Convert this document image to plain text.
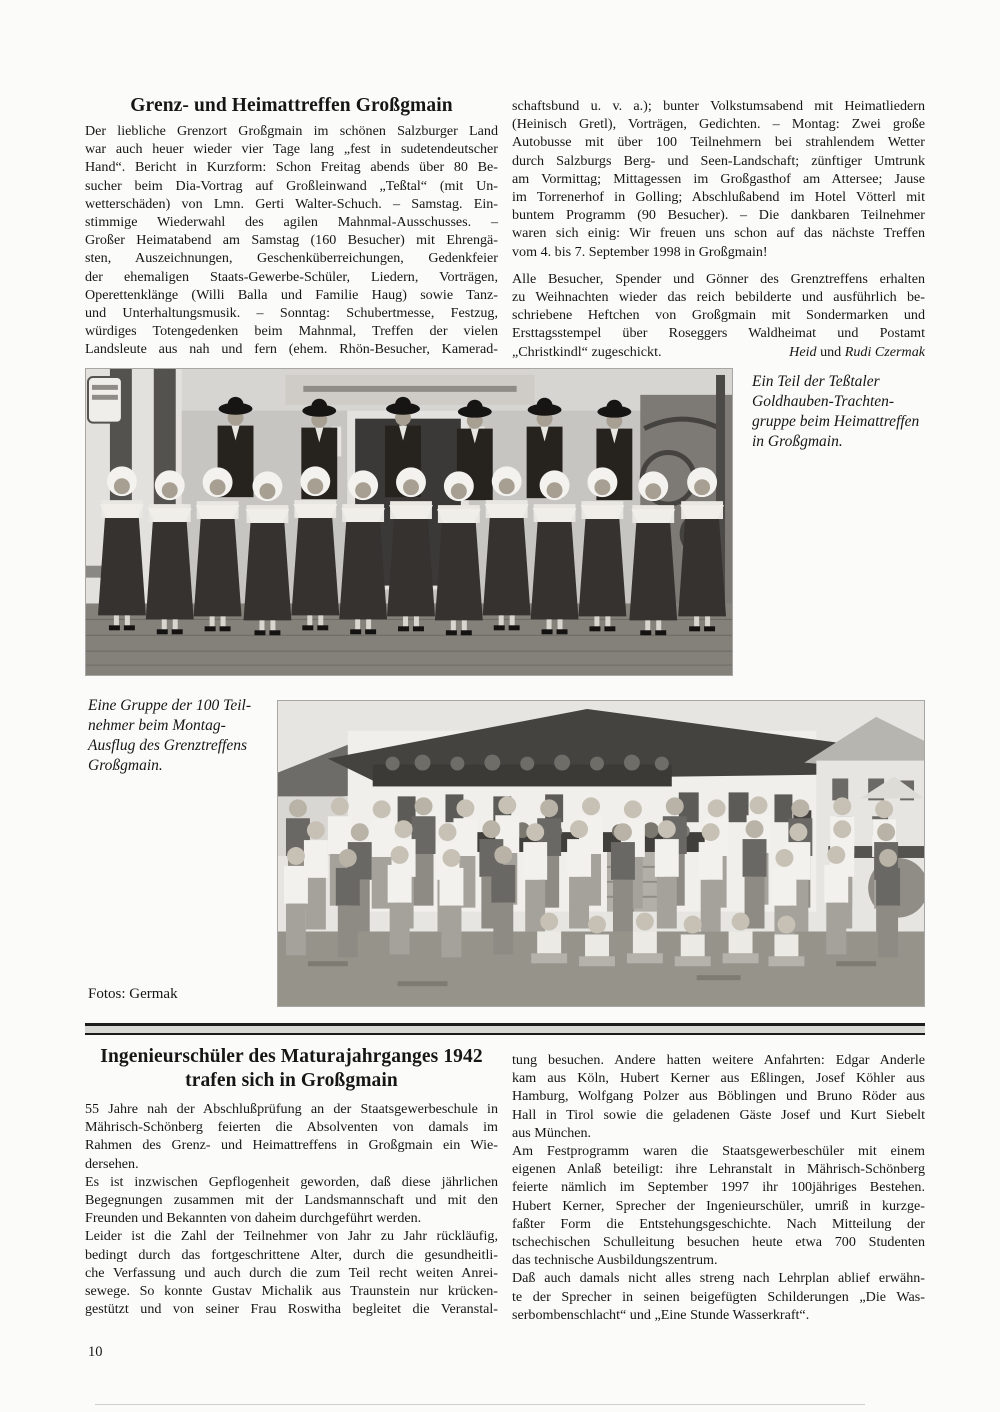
Grenz- und Heimattreffen Großgmain
Der liebliche Grenzort Großgmain im schönen Salzburger Land
war auch heuer wieder vier Tage lang „fest in sudetendeutscher
Hand“. Bericht in Kurzform: Schon Freitag abends über 80 Be-
sucher beim Dia-Vortrag auf Großleinwand „Teßtal“ (mit Un-
wetterschäden) von Lmn. Gerti Walter-Schuch. – Samstag. Ein-
stimmige Wiederwahl des agilen Mahnmal-Ausschusses. –
Großer Heimatabend am Samstag (160 Besucher) mit Ehrengä-
sten, Auszeichnungen, Geschenküberreichungen, Gedenkfeier
der ehemaligen Staats-Gewerbe-Schüler, Liedern, Vorträgen,
Operettenklänge (Willi Balla und Familie Haug) sowie Tanz-
und Unterhaltungsmusik. – Sonntag: Schubertmesse, Festzug,
würdiges Totengedenken beim Mahnmal, Treffen der vielen
Landsleute aus nah und fern (ehem. Rhön-Besucher, Kamerad-
schaftsbund u. v. a.); bunter Volkstumsabend mit Heimatliedern
(Heinisch Gretl), Vorträgen, Gedichten. – Montag: Zwei große
Autobusse mit über 100 Teilnehmern bei strahlendem Wetter
durch Salzburgs Berg- und Seen-Landschaft; zünftiger Umtrunk
am Vormittag; Mittagessen im Großgasthof am Attersee; Jause
im Torrenerhof in Golling; Abschlußabend im Hotel Vötterl mit
buntem Programm (90 Besucher). – Die dankbaren Teilnehmer
waren sich einig: Wir freuen uns schon auf das nächste Treffen
vom 4. bis 7. September 1998 in Großgmain!
Alle Besucher, Spender und Gönner des Grenztreffens erhalten
zu Weihnachten wieder das reich bebilderte und ausführlich be-
schriebene Heftchen von Großgmain mit Sondermarken und
Ersttagsstempel über Roseggers Waldheimat und Postamt
„Christkindl“ zugeschickt.	Heid und Rudi Czermak
Ein Teil der Teßtaler
Goldhauben-Trachten-
gruppe beim Heimattreffen
in Großgmain.
Eine Gruppe der 100 Teil-
nehmer beim Montag-
Ausflug des Grenztreffens
Großgmain.
Fotos: Germak
Ingenieurschüler des Maturajahrganges 1942
trafen sich in Großgmain
55 Jahre nah der Abschlußprüfung an der Staatsgewerbeschule in
Mährisch-Schönberg feierten die Absolventen von damals im
Rahmen des Grenz- und Heimattreffens in Großgmain ein Wie-
dersehen.
Es ist inzwischen Gepflogenheit geworden, daß diese jährlichen
Begegnungen zusammen mit der Landsmannschaft und mit den
Freunden und Bekannten von daheim durchgeführt werden.
Leider ist die Zahl der Teilnehmer von Jahr zu Jahr rückläufig,
bedingt durch das fortgeschrittene Alter, durch die gesundheitli-
che Verfassung und auch durch die zum Teil recht weiten Anrei-
sewege. So konnte Gustav Michalik aus Traunstein nur krücken-
gestützt und von seiner Frau Roswitha begleitet die Veranstal-
tung besuchen. Andere hatten weitere Anfahrten: Edgar Anderle
kam aus Köln, Hubert Kerner aus Eßlingen, Josef Köhler aus
Hamburg, Wolfgang Polzer aus Böblingen und Bruno Röder aus
Hall in Tirol sowie die geladenen Gäste Josef und Kurt Siebelt
aus München.
Am Festprogramm waren die Staatsgewerbeschüler mit einem
eigenen Anlaß beteiligt: ihre Lehranstalt in Mährisch-Schönberg
feierte nämlich im September 1997 ihr 100jähriges Bestehen.
Hubert Kerner, Sprecher der Ingenieurschüler, umriß in kurzge-
faßter Form die Entstehungsgeschichte. Nach Mitteilung der
tschechischen Schulleitung besuchen heute etwa 700 Studenten
das technische Ausbildungszentrum.
Daß auch damals nicht alles streng nach Lehrplan ablief erwähn-
te der Sprecher in seinen beigefügten Schilderungen „Die Was-
serbombenschlacht“ und „Eine Stunde Wasserkraft“.
10
